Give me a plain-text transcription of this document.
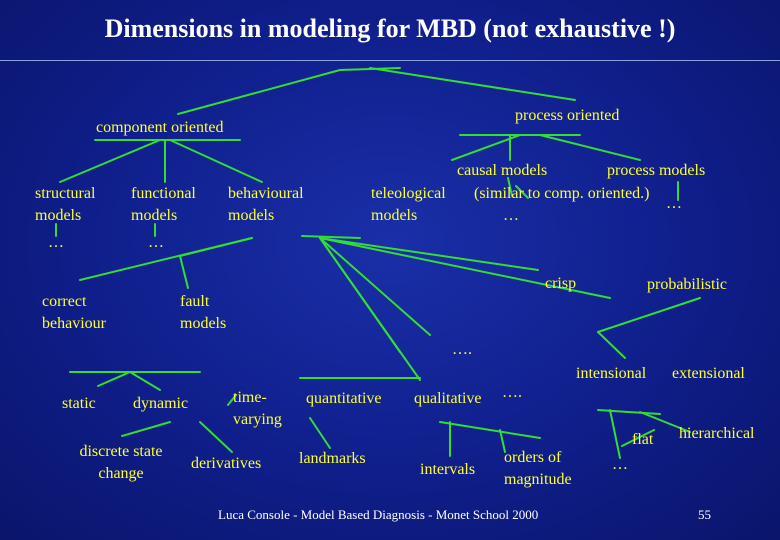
Dimensions in modeling for MBD (not exhaustive !)
component oriented
process oriented
structural
models
…
functional
models
…
behavioural
models
teleological
models
causal models
(similar to comp. oriented.)
…
process models
…
correct
behaviour
fault
models
crisp	probabilistic
….
intensional extensional
static dynamic	time-
varying
quantitative qualitative ….
flat
…
hierarchical
discrete state
change
derivatives landmarks
intervals
orders of
magnitude
Luca Console - Model Based Diagnosis - Monet School 2000	55
